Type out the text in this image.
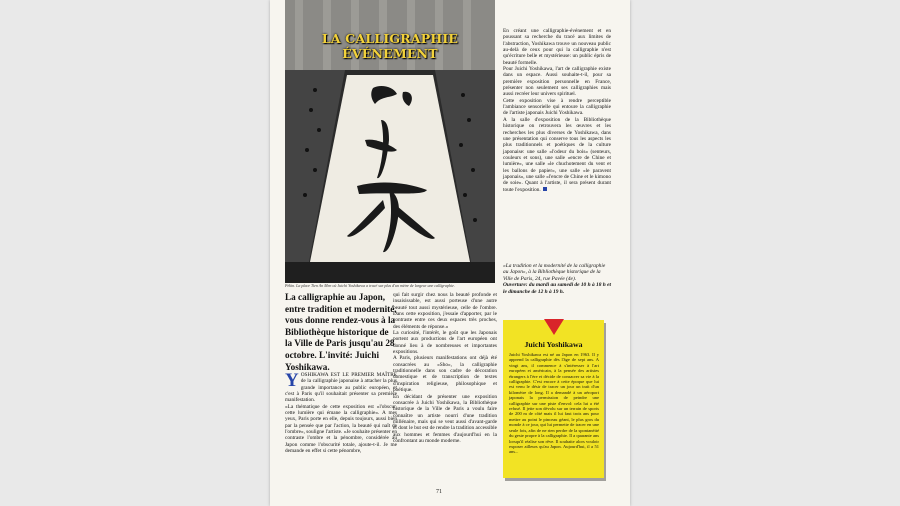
LA CALLIGRAPHIE ÉVÉNEMENT
Pékin. La place Tien An Men où Juichi Yoshikawa a tracé sur plus d'un mètre de largeur une calligraphie.

En créant une calligraphie-événement et en poussant sa recherche du tracé aux limites de l'abstraction, Yoshikawa trouve un nouveau public au-delà de ceux pour qui la calligraphie n'est qu'écriture belle et mystérieuse: un public épris de beauté formelle.

Pour Juichi Yoshikawa, l'art de calligraphie existe dans un espace. Aussi souhaite-t-il, pour sa première exposition personnelle en France, présenter non seulement ses calligraphies mais aussi recréer leur univers spirituel.

Cette exposition vise à rendre perceptible l'ambiance sensorielle qui entoure la calligraphie de l'artiste japonais Juichi Yoshikawa.

A la salle d'exposition de la Bibliothèque historique on retrouvera les œuvres et les recherches les plus diverses de Yoshikawa, dans une présentation qui conserve tous les aspects les plus traditionnels et poétiques de la culture japonaise: une salle «l'odeur du bois» (senteurs, couleurs et sons), une salle «encre de Chine et lumière», une salle «le chuchotement du vent et les ballons de papier», une salle «le paravent japonais», une salle «l'encre de Chine et le kimono de soie». Quant à l'artiste, il sera présent durant toute l'exposition.

«La tradition et la modernité de la calligraphie au Japon», à la Bibliothèque historique de la Ville de Paris, 24, rue Pavée (4e).
Ouverture: du mardi au samedi de 10 h à 18 h et le dimanche de 12 h à 19 h.
La calligraphie au Japon, entre tradition et modernité, vous donne rendez-vous à la Bibliothèque historique de la Ville de Paris jusqu'au 28 octobre. L'invité: Juichi Yoshikawa.

YOSHIKAWA EST LE PREMIER MAÎTRE de la calligraphie japonaise à attacher la plus grande importance au public européen, et c'est à Paris qu'il souhaitait présenter sa première manifestation.

«La thématique de cette exposition est «l'obscur, cette lumière qui émane la calligraphie». A mes yeux, Paris porte en elle, depuis toujours, aussi bien par la pensée que par l'action, la beauté qui naît de l'ombre», souligne l'artiste. «Je souhaite présenter en contraste l'ombre et la pénombre, considérée au Japon comme l'obscurité totale, ajoute-t-il. Je me demande en effet si cette pénombre,

qui fait surgir chez nous la beauté profonde et insaisissable, est aussi porteuse d'une autre beauté tout aussi mystérieuse, celle de l'ombre. Dans cette exposition, j'essaie d'apporter, par le contraste entre ces deux espaces très proches, des éléments de réponse.»

La curiosité, l'intérêt, le goût que les Japonais portent aux productions de l'art européen ont donné lieu à de nombreuses et importantes expositions.

A Paris, plusieurs manifestations ont déjà été consacrées au «Sho», la calligraphie traditionnelle dans son cadre de décoration domestique et de transcription de textes d'inspiration religieuse, philosophique et poétique.

En décidant de présenter une exposition consacrée à Juichi Yoshikawa, la Bibliothèque historique de la Ville de Paris a voulu faire connaître un artiste nourri d'une tradition millénaire, mais qui se veut aussi d'avant-garde et dont le but est de rendre la tradition accessible aux hommes et femmes d'aujourd'hui en la confrontant au monde moderne.

Juichi Yoshikawa
Juichi Yoshikawa est né au Japon en 1963. Il y apprend la calligraphie dès l'âge de sept ans. A vingt ans, il commence à s'intéresser à l'art européen et américain, à la pensée des artistes étrangers à l'ère et décide de consacrer sa vie à la calligraphie. C'est encore à cette époque que lui est venu le désir de tracer un jour un trait d'un kilomètre de long. Il a demandé à un aéroport japonais la permission de peindre une calligraphie sur une piste d'envol: cela lui a été refusé. Il jette son dévolu sur un terrain de sports de 200 m de côté mais il lui faut trois ans pour mettre au point le pinceau géant, le plus gros du monde à ce jour, qui lui permette de tracer en une seule fois, afin de ne rien perdre de la spontanéité du geste propre à la calligraphie. Il a quarante ans lorsqu'il réalise son rêve. Il souhaite alors vouloir exposer ailleurs qu'au Japon. Aujourd'hui, il a 51 ans...
71
